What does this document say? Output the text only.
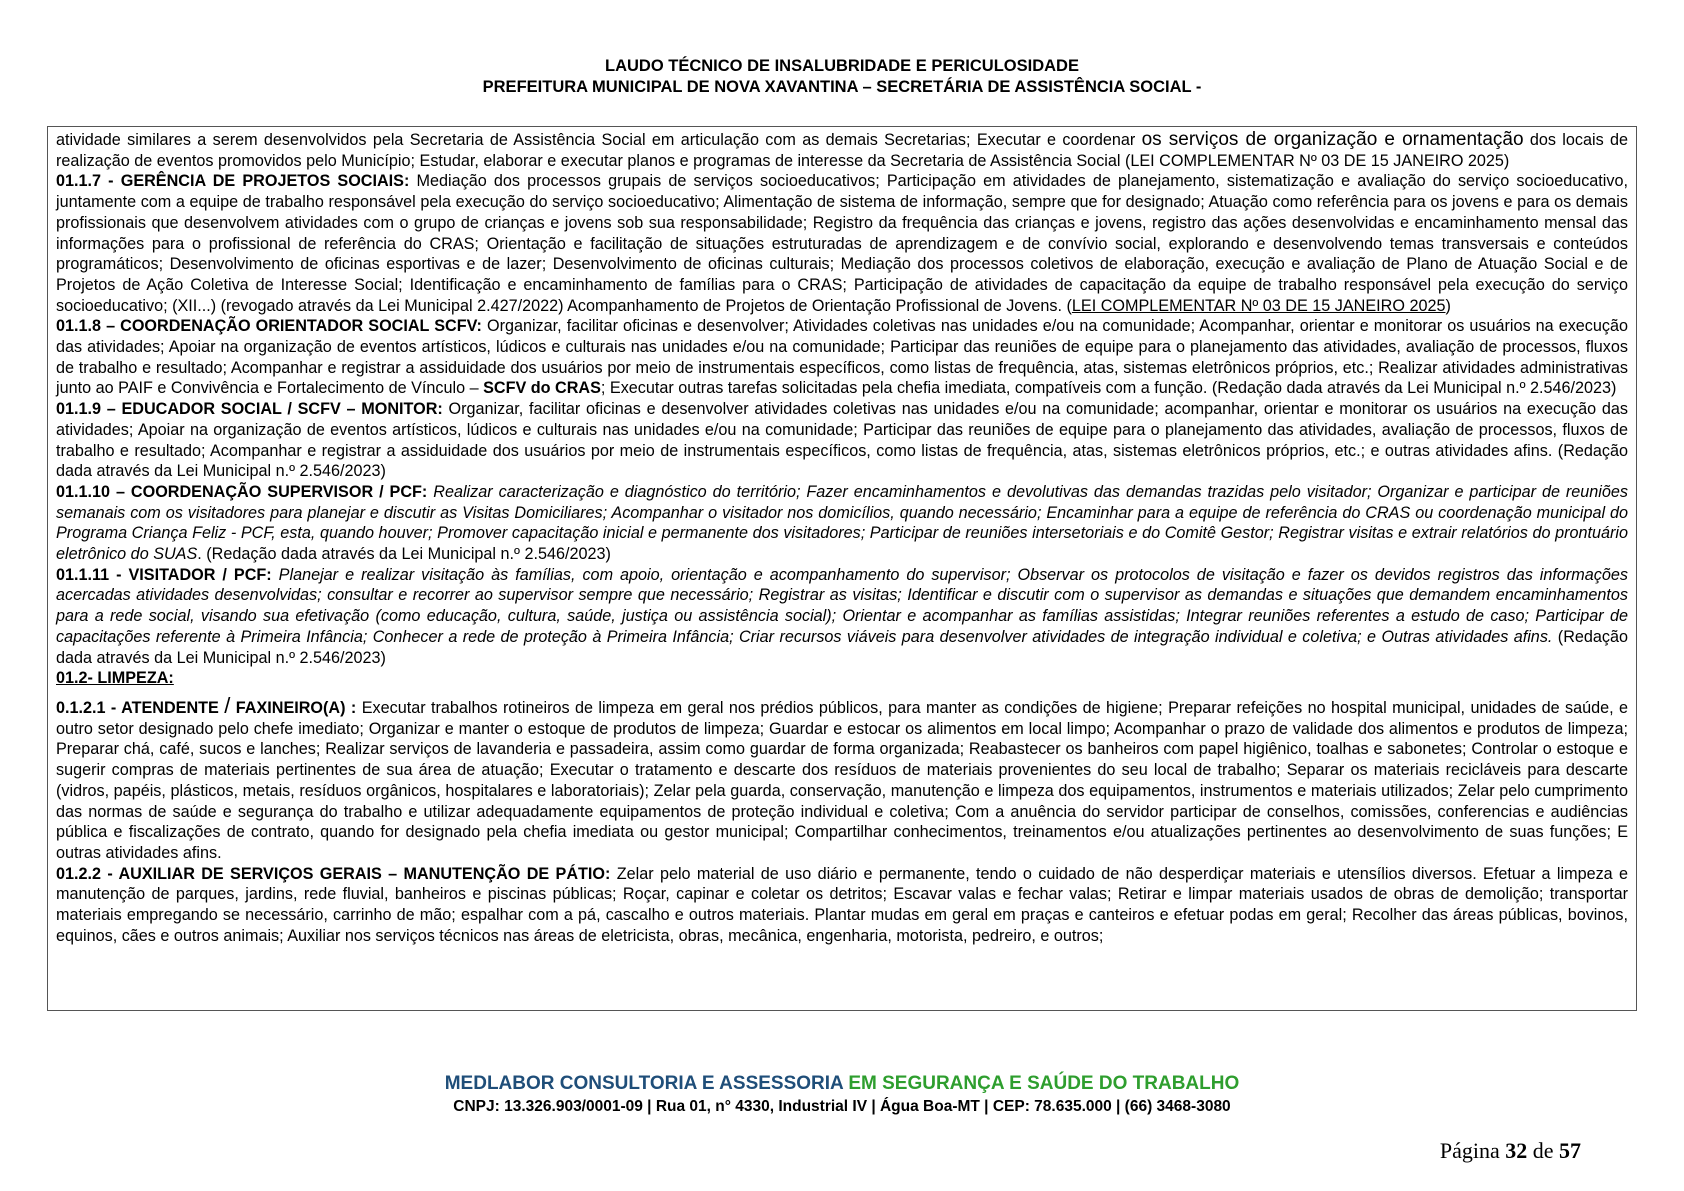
LAUDO TÉCNICO DE INSALUBRIDADE E PERICULOSIDADE
PREFEITURA MUNICIPAL DE NOVA XAVANTINA – SECRETÁRIA DE ASSISTÊNCIA SOCIAL -

atividade similares a serem desenvolvidos pela Secretaria de Assistência Social em articulação com as demais Secretarias; Executar e coordenar os serviços de organização e ornamentação dos locais de realização de eventos promovidos pelo Município; Estudar, elaborar e executar planos e programas de interesse da Secretaria de Assistência Social (LEI COMPLEMENTAR Nº 03 DE 15 JANEIRO 2025)

01.1.7 - GERÊNCIA DE PROJETOS SOCIAIS: Mediação dos processos grupais de serviços socioeducativos; Participação em atividades de planejamento, sistematização e avaliação do serviço socioeducativo, juntamente com a equipe de trabalho responsável pela execução do serviço socioeducativo; Alimentação de sistema de informação, sempre que for designado; Atuação como referência para os jovens e para os demais profissionais que desenvolvem atividades com o grupo de crianças e jovens sob sua responsabilidade; Registro da frequência das crianças e jovens, registro das ações desenvolvidas e encaminhamento mensal das informações para o profissional de referência do CRAS; Orientação e facilitação de situações estruturadas de aprendizagem e de convívio social, explorando e desenvolvendo temas transversais e conteúdos programáticos; Desenvolvimento de oficinas esportivas e de lazer; Desenvolvimento de oficinas culturais; Mediação dos processos coletivos de elaboração, execução e avaliação de Plano de Atuação Social e de Projetos de Ação Coletiva de Interesse Social; Identificação e encaminhamento de famílias para o CRAS; Participação de atividades de capacitação da equipe de trabalho responsável pela execução do serviço socioeducativo; (XII...) (revogado através da Lei Municipal 2.427/2022) Acompanhamento de Projetos de Orientação Profissional de Jovens. (LEI COMPLEMENTAR Nº 03 DE 15 JANEIRO 2025)

01.1.8 – COORDENAÇÃO ORIENTADOR SOCIAL SCFV: Organizar, facilitar oficinas e desenvolver; Atividades coletivas nas unidades e/ou na comunidade; Acompanhar, orientar e monitorar os usuários na execução das atividades; Apoiar na organização de eventos artísticos, lúdicos e culturais nas unidades e/ou na comunidade; Participar das reuniões de equipe para o planejamento das atividades, avaliação de processos, fluxos de trabalho e resultado; Acompanhar e registrar a assiduidade dos usuários por meio de instrumentais específicos, como listas de frequência, atas, sistemas eletrônicos próprios, etc.; Realizar atividades administrativas junto ao PAIF e Convivência e Fortalecimento de Vínculo – SCFV do CRAS; Executar outras tarefas solicitadas pela chefia imediata, compatíveis com a função. (Redação dada através da Lei Municipal n.º 2.546/2023)

01.1.9 – EDUCADOR SOCIAL / SCFV – MONITOR: Organizar, facilitar oficinas e desenvolver atividades coletivas nas unidades e/ou na comunidade; acompanhar, orientar e monitorar os usuários na execução das atividades; Apoiar na organização de eventos artísticos, lúdicos e culturais nas unidades e/ou na comunidade; Participar das reuniões de equipe para o planejamento das atividades, avaliação de processos, fluxos de trabalho e resultado; Acompanhar e registrar a assiduidade dos usuários por meio de instrumentais específicos, como listas de frequência, atas, sistemas eletrônicos próprios, etc.; e outras atividades afins. (Redação dada através da Lei Municipal n.º 2.546/2023)

01.1.10 – COORDENAÇÃO SUPERVISOR / PCF: Realizar caracterização e diagnóstico do território; Fazer encaminhamentos e devolutivas das demandas trazidas pelo visitador; Organizar e participar de reuniões semanais com os visitadores para planejar e discutir as Visitas Domiciliares; Acompanhar o visitador nos domicílios, quando necessário; Encaminhar para a equipe de referência do CRAS ou coordenação municipal do Programa Criança Feliz - PCF, esta, quando houver; Promover capacitação inicial e permanente dos visitadores; Participar de reuniões intersetoriais e do Comitê Gestor; Registrar visitas e extrair relatórios do prontuário eletrônico do SUAS. (Redação dada através da Lei Municipal n.º 2.546/2023)

01.1.11 - VISITADOR / PCF: Planejar e realizar visitação às famílias, com apoio, orientação e acompanhamento do supervisor; Observar os protocolos de visitação e fazer os devidos registros das informações acercadas atividades desenvolvidas; consultar e recorrer ao supervisor sempre que necessário; Registrar as visitas; Identificar e discutir com o supervisor as demandas e situações que demandem encaminhamentos para a rede social, visando sua efetivação (como educação, cultura, saúde, justiça ou assistência social); Orientar e acompanhar as famílias assistidas; Integrar reuniões referentes a estudo de caso; Participar de capacitações referente à Primeira Infância; Conhecer a rede de proteção à Primeira Infância; Criar recursos viáveis para desenvolver atividades de integração individual e coletiva; e Outras atividades afins. (Redação dada através da Lei Municipal n.º 2.546/2023)

01.2- LIMPEZA:

0.1.2.1 - ATENDENTE / FAXINEIRO(A) : Executar trabalhos rotineiros de limpeza em geral nos prédios públicos, para manter as condições de higiene; Preparar refeições no hospital municipal, unidades de saúde, e outro setor designado pelo chefe imediato; Organizar e manter o estoque de produtos de limpeza; Guardar e estocar os alimentos em local limpo; Acompanhar o prazo de validade dos alimentos e produtos de limpeza; Preparar chá, café, sucos e lanches; Realizar serviços de lavanderia e passadeira, assim como guardar de forma organizada; Reabastecer os banheiros com papel higiênico, toalhas e sabonetes; Controlar o estoque e sugerir compras de materiais pertinentes de sua área de atuação; Executar o tratamento e descarte dos resíduos de materiais provenientes do seu local de trabalho; Separar os materiais recicláveis para descarte (vidros, papéis, plásticos, metais, resíduos orgânicos, hospitalares e laboratoriais); Zelar pela guarda, conservação, manutenção e limpeza dos equipamentos, instrumentos e materiais utilizados; Zelar pelo cumprimento das normas de saúde e segurança do trabalho e utilizar adequadamente equipamentos de proteção individual e coletiva; Com a anuência do servidor participar de conselhos, comissões, conferencias e audiências pública e fiscalizações de contrato, quando for designado pela chefia imediata ou gestor municipal; Compartilhar conhecimentos, treinamentos e/ou atualizações pertinentes ao desenvolvimento de suas funções; E outras atividades afins.

01.2.2 - AUXILIAR DE SERVIÇOS GERAIS – MANUTENÇÃO DE PÁTIO: Zelar pelo material de uso diário e permanente, tendo o cuidado de não desperdiçar materiais e utensílios diversos. Efetuar a limpeza e manutenção de parques, jardins, rede fluvial, banheiros e piscinas públicas; Roçar, capinar e coletar os detritos; Escavar valas e fechar valas; Retirar e limpar materiais usados de obras de demolição; transportar materiais empregando se necessário, carrinho de mão; espalhar com a pá, cascalho e outros materiais. Plantar mudas em geral em praças e canteiros e efetuar podas em geral; Recolher das áreas públicas, bovinos, equinos, cães e outros animais; Auxiliar nos serviços técnicos nas áreas de eletricista, obras, mecânica, engenharia, motorista, pedreiro, e outros;

MEDLABOR CONSULTORIA E ASSESSORIA EM SEGURANÇA E SAÚDE DO TRABALHO
CNPJ: 13.326.903/0001-09 | Rua 01, n° 4330, Industrial IV | Água Boa-MT | CEP: 78.635.000 | (66) 3468-3080
Página 32 de 57
